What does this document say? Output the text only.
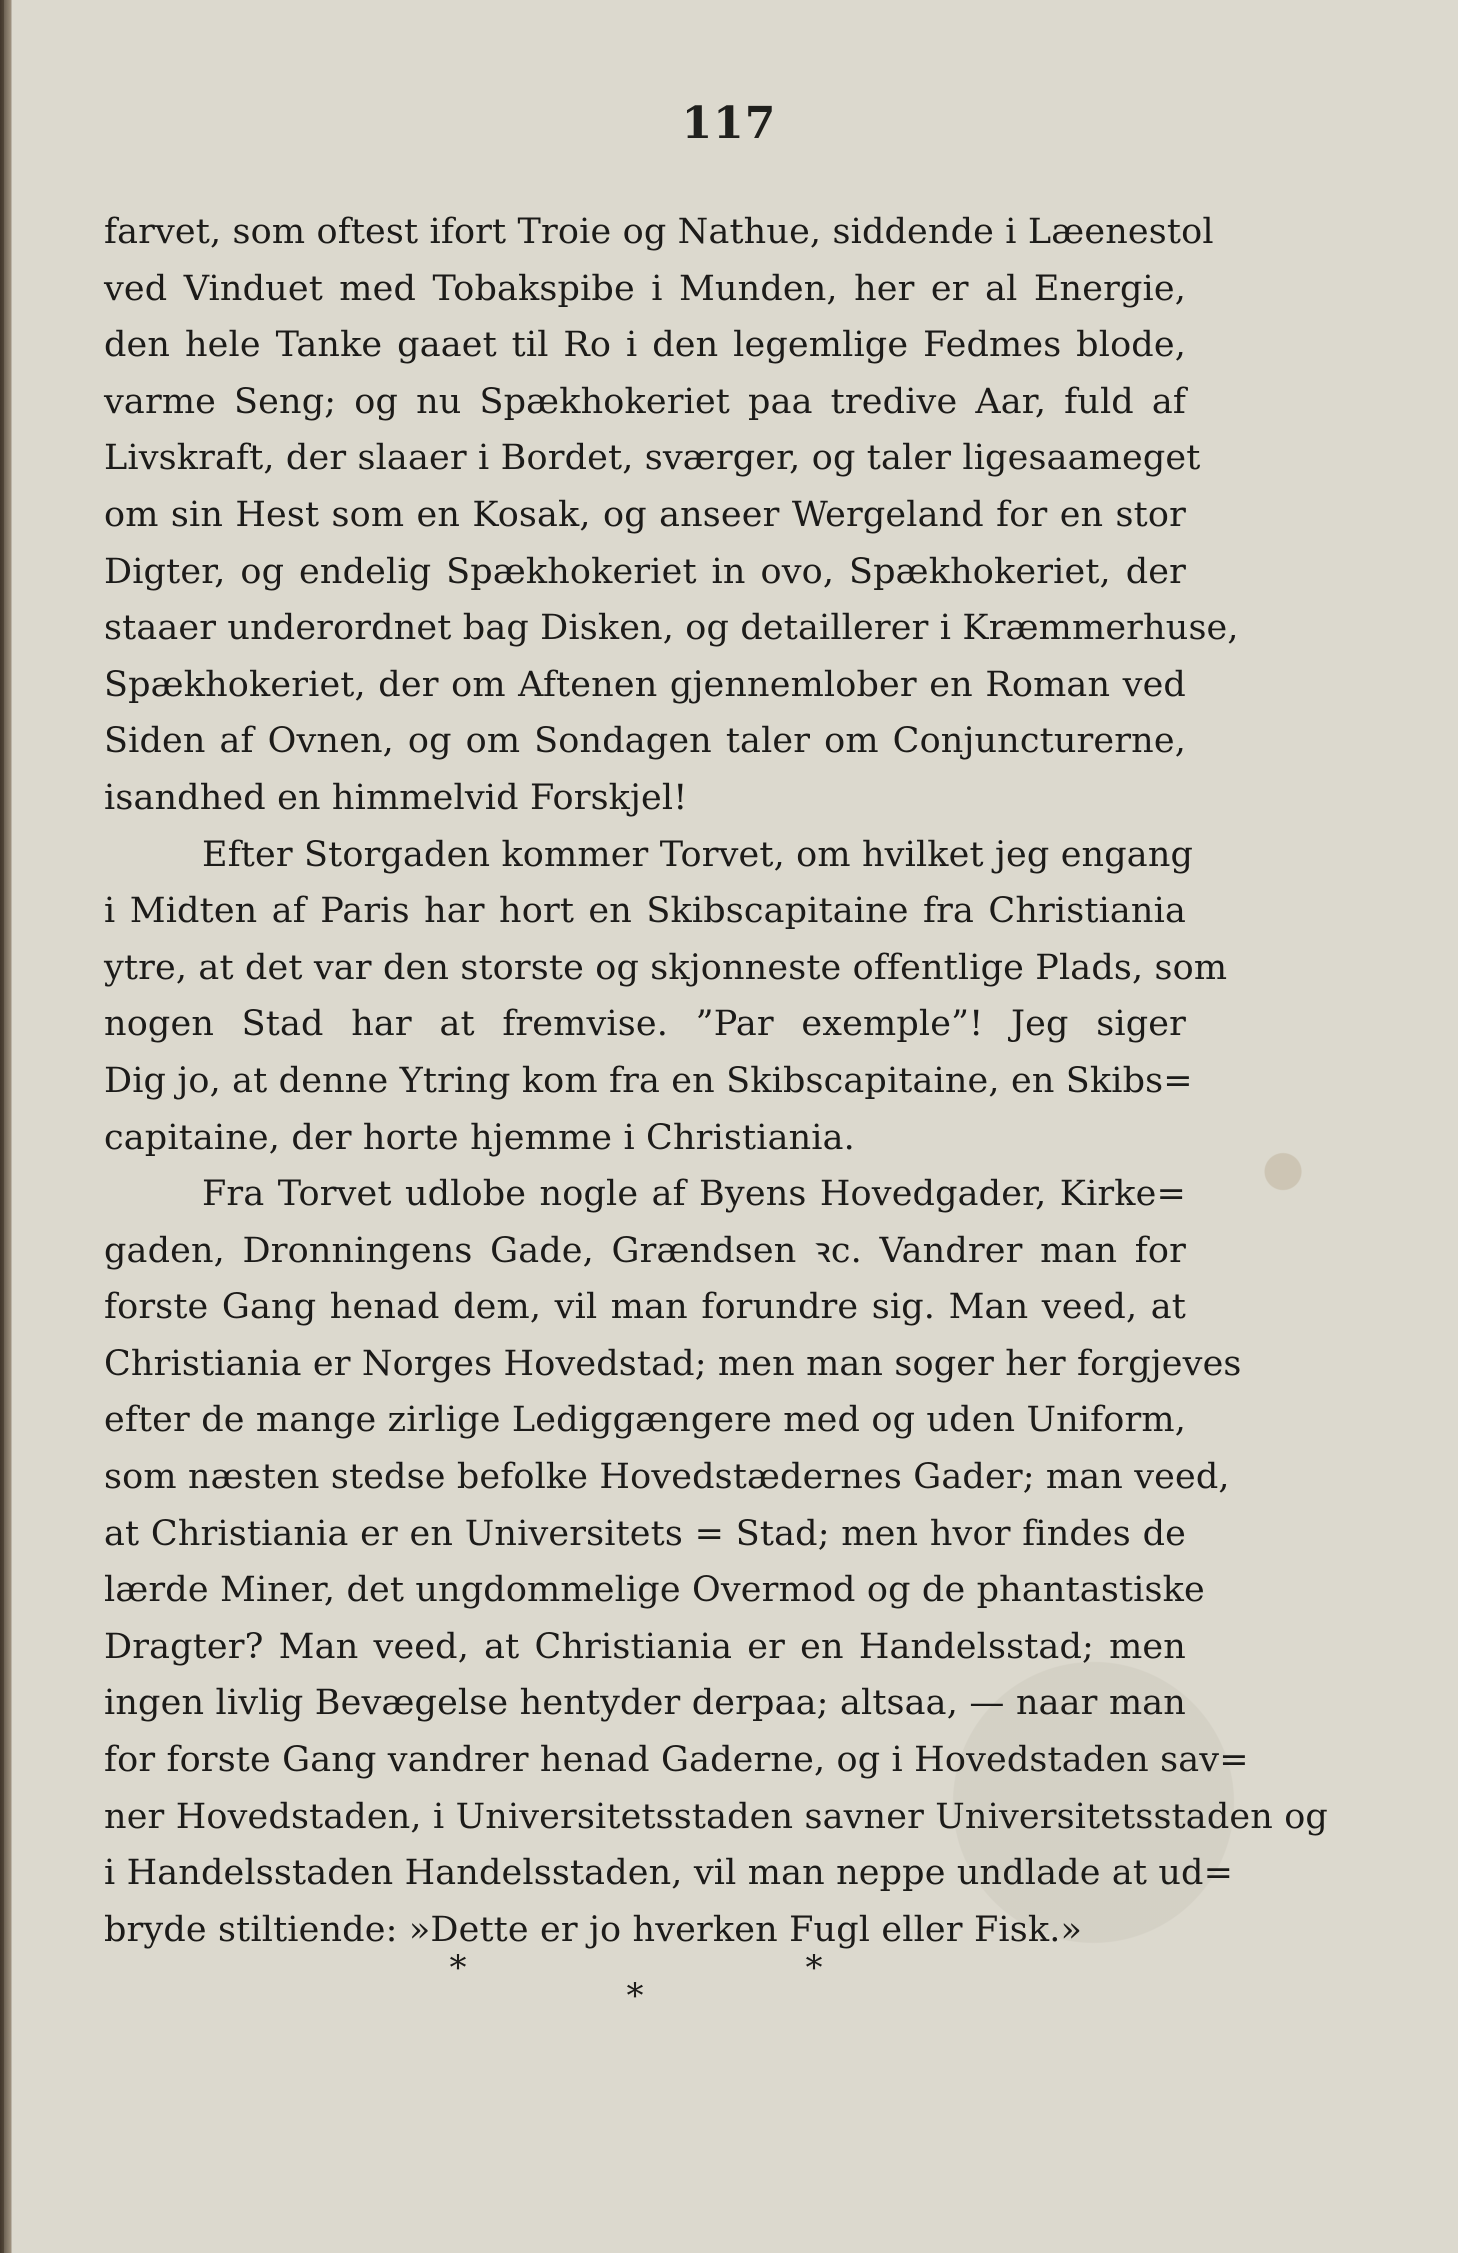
117
farvet, som oftest ifort Troie og Nathue, siddende i Læenestol
ved Vinduet med Tobakspibe i Munden, her er al Energie,
den hele Tanke gaaet til Ro i den legemlige Fedmes blode,
varme Seng; og nu Spækhokeriet paa tredive Aar, fuld af
Livskraft, der slaaer i Bordet, sværger, og taler ligesaameget
om sin Hest som en Kosak, og anseer Wergeland for en stor
Digter, og endelig Spækhokeriet in ovo, Spækhokeriet, der
staaer underordnet bag Disken, og detaillerer i Kræmmerhuse,
Spækhokeriet, der om Aftenen gjennemlober en Roman ved
Siden af Ovnen, og om Sondagen taler om Conjuncturerne,
isandhed en himmelvid Forskjel!
Efter Storgaden kommer Torvet, om hvilket jeg engang
i Midten af Paris har hort en Skibscapitaine fra Christiania
ytre, at det var den storste og skjonneste offentlige Plads, som
nogen Stad har at fremvise. ”Par exemple”! Jeg siger
Dig jo, at denne Ytring kom fra en Skibscapitaine, en Skibs=
capitaine, der horte hjemme i Christiania.
Fra Torvet udlobe nogle af Byens Hovedgader, Kirke=
gaden, Dronningens Gade, Grændsen ꝛc. Vandrer man for
forste Gang henad dem, vil man forundre sig. Man veed, at
Christiania er Norges Hovedstad; men man soger her forgjeves
efter de mange zirlige Lediggængere med og uden Uniform,
som næsten stedse befolke Hovedstædernes Gader; man veed,
at Christiania er en Universitets = Stad; men hvor findes de
lærde Miner, det ungdommelige Overmod og de phantastiske
Dragter? Man veed, at Christiania er en Handelsstad; men
ingen livlig Bevægelse hentyder derpaa; altsaa, — naar man
for forste Gang vandrer henad Gaderne, og i Hovedstaden sav=
ner Hovedstaden, i Universitetsstaden savner Universitetsstaden og
i Handelsstaden Handelsstaden, vil man neppe undlade at ud=
bryde stiltiende: »Dette er jo hverken Fugl eller Fisk.»
*
*
*
